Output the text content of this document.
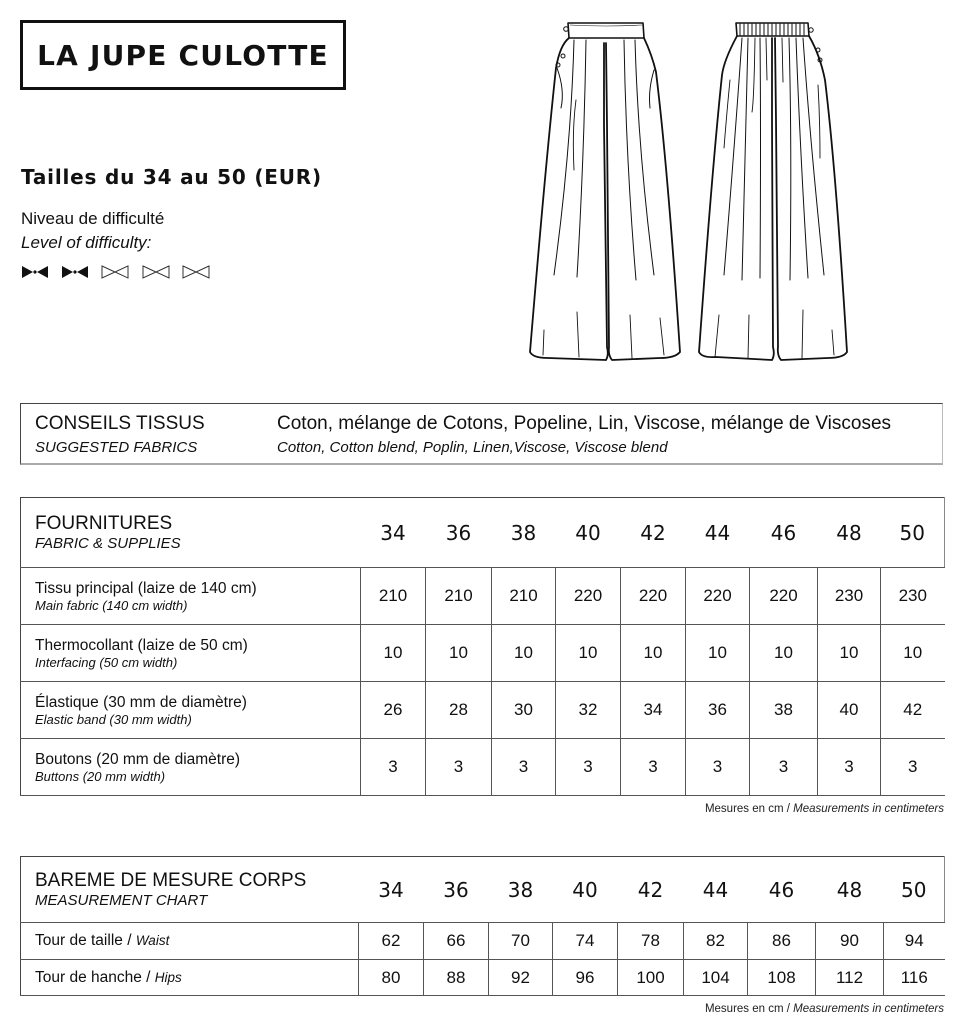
LA JUPE CULOTTE
Tailles du 34 au 50 (EUR)
Niveau de difficulté
Level of difficulty:
CONSEILS TISSUS
SUGGESTED FABRICS
Coton, mélange de Cotons, Popeline, Lin, Viscose, mélange de Viscoses
Cotton, Cotton blend, Poplin, Linen,Viscose, Viscose blend
FOURNITURES
FABRIC & SUPPLIES	34	36	38	40	42	44	46	48	50

Tissu principal (laize de 140 cm)
Main fabric (140 cm width)	210	210	210	220	220	220	220	230	230

Thermocollant (laize de 50 cm)
Interfacing (50 cm width)	10	10	10	10	10	10	10	10	10

Élastique (30 mm de diamètre)
Elastic band (30 mm width)	26	28	30	32	34	36	38	40	42

Boutons (20 mm de diamètre)
Buttons (20 mm width)	3	3	3	3	3	3	3	3	3
Mesures en cm / Measurements in centimeters
BAREME DE MESURE CORPS
MEASUREMENT CHART	34	36	38	40	42	44	46	48	50
Tour de taille / Waist	62	66	70	74	78	82	86	90	94
Tour de hanche / Hips	80	88	92	96	100	104	108	112	116
Mesures en cm / Measurements in centimeters
